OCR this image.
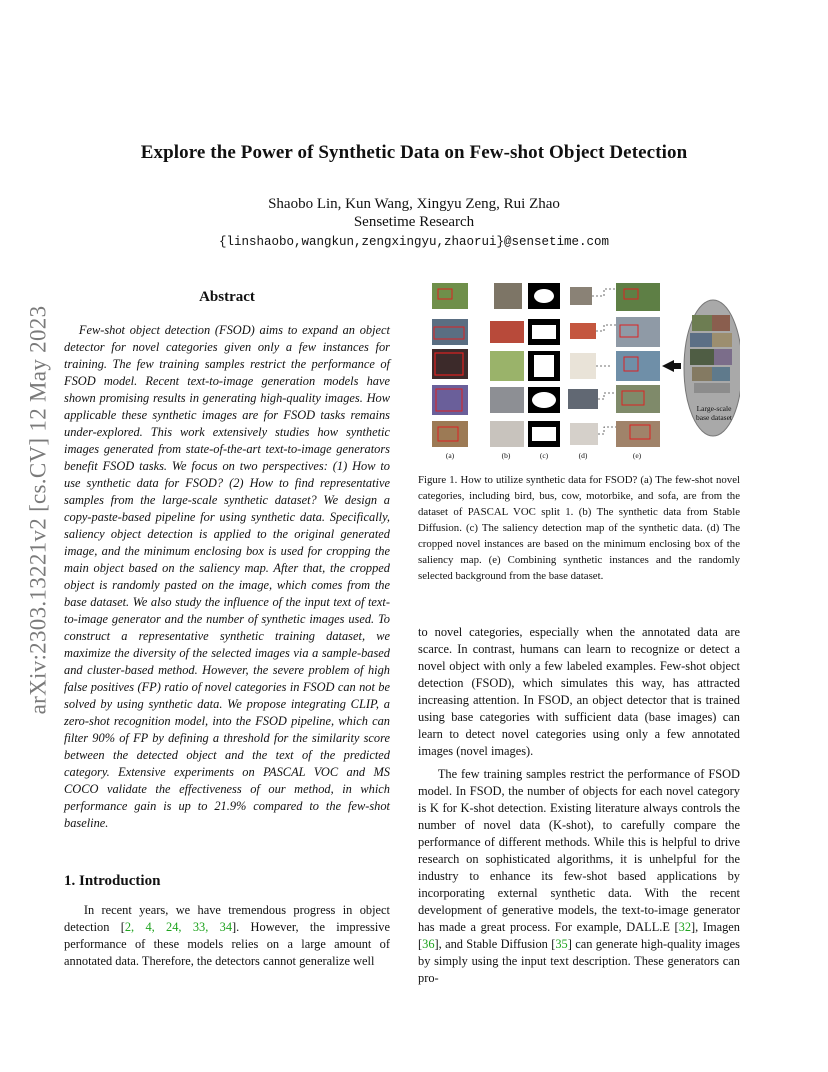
arXiv:2303.13221v2 [cs.CV] 12 May 2023
Explore the Power of Synthetic Data on Few-shot Object Detection
Shaobo Lin, Kun Wang, Xingyu Zeng, Rui Zhao
Sensetime Research
{linshaobo,wangkun,zengxingyu,zhaorui}@sensetime.com
Abstract

Few-shot object detection (FSOD) aims to expand an object detector for novel categories given only a few instances for training. The few training samples restrict the performance of FSOD model. Recent text-to-image generation models have shown promising results in generating high-quality images. How applicable these synthetic images are for FSOD tasks remains under-explored. This work extensively studies how synthetic images generated from state-of-the-art text-to-image generators benefit FSOD tasks. We focus on two perspectives: (1) How to use synthetic data for FSOD? (2) How to find representative samples from the large-scale synthetic dataset? We design a copy-paste-based pipeline for using synthetic data. Specifically, saliency object detection is applied to the original generated image, and the minimum enclosing box is used for cropping the main object based on the saliency map. After that, the cropped object is randomly pasted on the image, which comes from the base dataset. We also study the influence of the input text of text-to-image generator and the number of synthetic images used. To construct a representative synthetic training dataset, we maximize the diversity of the selected images via a sample-based and cluster-based method. However, the severe problem of high false positives (FP) ratio of novel categories in FSOD can not be solved by using synthetic data. We propose integrating CLIP, a zero-shot recognition model, into the FSOD pipeline, which can filter 90% of FP by defining a threshold for the similarity score between the detected object and the text of the predicted category. Extensive experiments on PASCAL VOC and MS COCO validate the effectiveness of our method, in which performance gain is up to 21.9% compared to the few-shot baseline.

1. Introduction

In recent years, we have tremendous progress in object detection [2, 4, 24, 33, 34]. However, the impressive performance of these models relies on a large amount of annotated data. Therefore, the detectors cannot generalize well

(a)	(b)	(c)	(d)	(e)
Large-scale
base dataset

Figure 1. How to utilize synthetic data for FSOD? (a) The few-shot novel categories, including bird, bus, cow, motorbike, and sofa, are from the dataset of PASCAL VOC split 1. (b) The synthetic data from Stable Diffusion. (c) The saliency detection map of the synthetic data. (d) The cropped novel instances are based on the minimum enclosing box of the saliency map. (e) Combining synthetic instances and the randomly selected background from the base dataset.

to novel categories, especially when the annotated data are scarce. In contrast, humans can learn to recognize or detect a novel object with only a few labeled examples. Few-shot object detection (FSOD), which simulates this way, has attracted increasing attention. In FSOD, an object detector that is trained using base categories with sufficient data (base images) can learn to detect novel categories using only a few annotated images (novel images).

The few training samples restrict the performance of FSOD model. In FSOD, the number of objects for each novel category is K for K-shot detection. Existing literature always controls the number of novel data (K-shot), to carefully compare the performance of different methods. While this is helpful to drive research on sophisticated algorithms, it is unhelpful for the industry to enhance its few-shot based applications by incorporating external synthetic data. With the recent development of generative models, the text-to-image generator has made a great process. For example, DALL.E [32], Imagen [36], and Stable Diffusion [35] can generate high-quality images by simply using the input text description. These generators can pro-
